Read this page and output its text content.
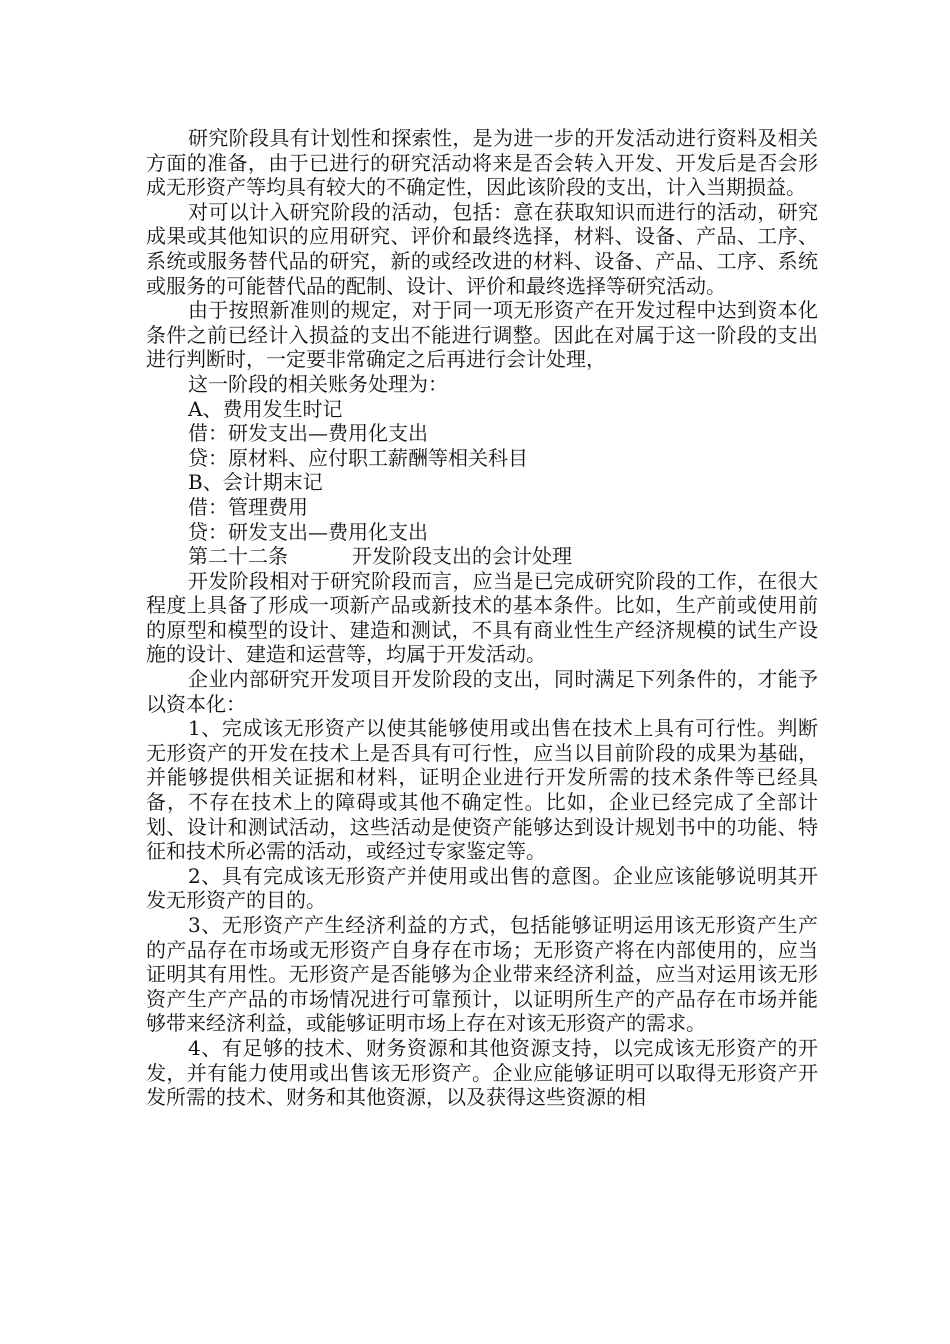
研究阶段具有计划性和探索性，是为进一步的开发活动进行资料及相关方面的准备，由于已进行的研究活动将来是否会转入开发、开发后是否会形成无形资产等均具有较大的不确定性，因此该阶段的支出，计入当期损益。

对可以计入研究阶段的活动，包括：意在获取知识而进行的活动，研究成果或其他知识的应用研究、评价和最终选择，材料、设备、产品、工序、系统或服务替代品的研究，新的或经改进的材料、设备、产品、工序、系统或服务的可能替代品的配制、设计、评价和最终选择等研究活动。

由于按照新准则的规定，对于同一项无形资产在开发过程中达到资本化条件之前已经计入损益的支出不能进行调整。因此在对属于这一阶段的支出进行判断时，一定要非常确定之后再进行会计处理，

这一阶段的相关账务处理为：

A、费用发生时记

借：研发支出—费用化支出

贷：原材料、应付职工薪酬等相关科目

B、会计期末记

借：管理费用

贷：研发支出—费用化支出

第二十二条	开发阶段支出的会计处理

开发阶段相对于研究阶段而言，应当是已完成研究阶段的工作，在很大程度上具备了形成一项新产品或新技术的基本条件。比如，生产前或使用前的原型和模型的设计、建造和测试，不具有商业性生产经济规模的试生产设施的设计、建造和运营等，均属于开发活动。

企业内部研究开发项目开发阶段的支出，同时满足下列条件的，才能予以资本化：

1、完成该无形资产以使其能够使用或出售在技术上具有可行性。判断无形资产的开发在技术上是否具有可行性，应当以目前阶段的成果为基础，并能够提供相关证据和材料，证明企业进行开发所需的技术条件等已经具备，不存在技术上的障碍或其他不确定性。比如，企业已经完成了全部计划、设计和测试活动，这些活动是使资产能够达到设计规划书中的功能、特征和技术所必需的活动，或经过专家鉴定等。

2、具有完成该无形资产并使用或出售的意图。企业应该能够说明其开发无形资产的目的。

3、无形资产产生经济利益的方式，包括能够证明运用该无形资产生产的产品存在市场或无形资产自身存在市场；无形资产将在内部使用的，应当证明其有用性。无形资产是否能够为企业带来经济利益，应当对运用该无形资产生产产品的市场情况进行可靠预计，以证明所生产的产品存在市场并能够带来经济利益，或能够证明市场上存在对该无形资产的需求。

4、有足够的技术、财务资源和其他资源支持，以完成该无形资产的开发，并有能力使用或出售该无形资产。企业应能够证明可以取得无形资产开发所需的技术、财务和其他资源，以及获得这些资源的相
